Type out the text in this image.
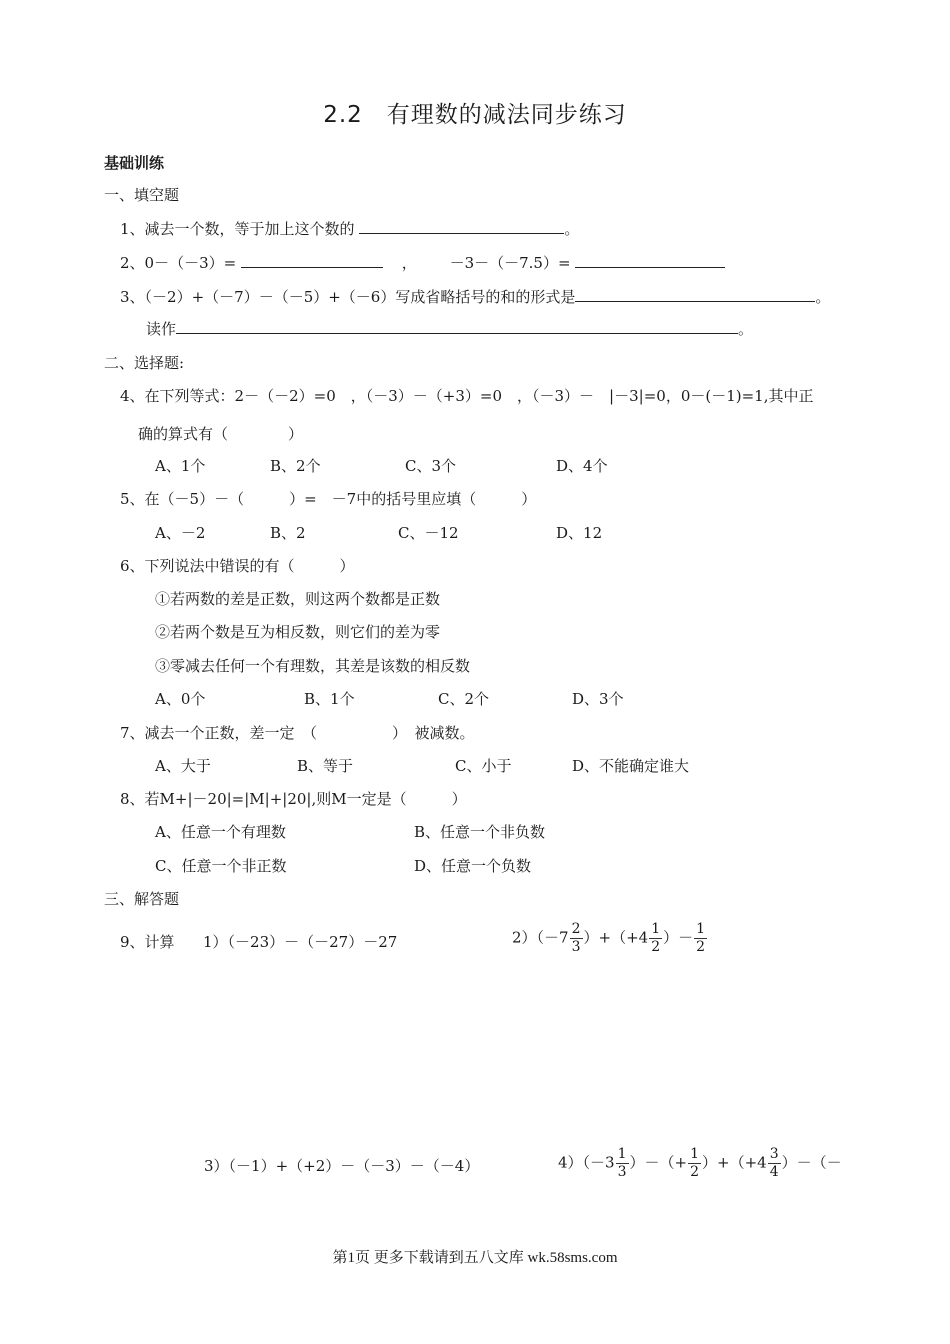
2.2　有理数的减法同步练习
基础训练
一、填空题
1、减去一个数，等于加上这个数的	。
2、0－（－3）=	， －3－（－7.5）=
3、（－2）+（－7）－（－5）+（－6）写成省略括号的和的形式是	。
读作	。
二、选择题:
4、在下列等式：2－（－2）=0　，（－3）－（+3）=0　，（－3）－　|－3|=0，0－(－1)=1,其中正
确的算式有（　　　　）
A、1个	B、2个	C、3个	D、4个
5、在（－5）－（　　　）=　－7中的括号里应填（　　　）
A、－2	B、2	C、－12	D、12
6、下列说法中错误的有（　　　）
①若两数的差是正数，则这两个数都是正数
②若两个数是互为相反数，则它们的差为零
③零减去任何一个有理数，其差是该数的相反数
A、0个	B、1个	C、2个	D、3个
7、减去一个正数，差一定　（　　　　　）　被减数。
A、大于	B、等于	C、小于	D、不能确定谁大
8、若M+|－20|=|M|+|20|,则M一定是（　　　）
A、任意一个有理数	B、任意一个非负数
C、任意一个非正数	D、任意一个负数
三、解答题
9、计算 1）（－23）－（－27）－27	$2)(-7 \frac{2}{3} )+(+4 \frac{1}{2}$ ）－ $\frac{1}{2}$
3）（－1）+（+2）－（－3）－（－4）	$4)(-3 \frac{1}{3}$ ）－（+ $\frac{1}{2} )+(+4 \frac{3}{4}$ ）－（－
第1页 更多下载请到五八文库 wk.58sms.com
